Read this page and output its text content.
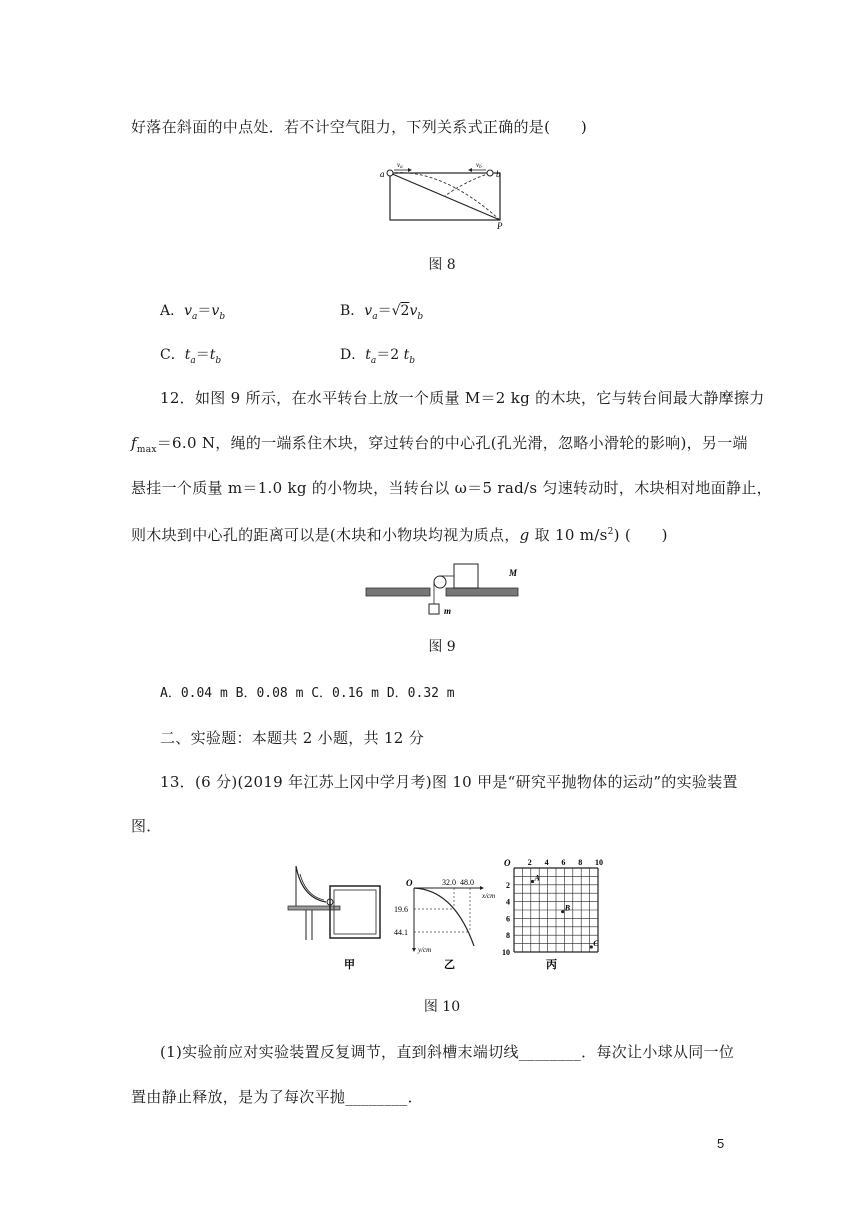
好落在斜面的中点处．若不计空气阻力，下列关系式正确的是(　　)
a	b
P
va	vb
图 8
A．$v_a=v_b$	B．$v_a=√2v_b$
C．$t_a=t_b$	D．$t_a=2$ $t_b$
12．如图 9 所示，在水平转台上放一个质量 M＝2 kg 的木块，它与转台间最大静摩擦力
$f_{max}=6.0$ N，绳的一端系住木块，穿过转台的中心孔(孔光滑，忽略小滑轮的影响)，另一端
悬挂一个质量 m＝1.0 kg 的小物块，当转台以 ω＝5 rad/s 匀速转动时，木块相对地面静止，
则木块到中心孔的距离可以是(木块和小物块均视为质点，g 取 10 $m/s^2$) (　　)
M
m
图 9
A．0.04 m B．0.08 m C．0.16 m D．0.32 m
二、实验题：本题共 2 小题，共 12 分
13．(6 分)(2019 年江苏上冈中学月考)图 10 甲是“研究平抛物体的运动”的实验装置
图．
甲
O	32.0 48.0
x/cm
19.6
44.1
y/cm
乙
O 2 4 6 8 10
2
4
6
8
10
A
B
C
丙
图 10
(1)实验前应对实验装置反复调节，直到斜槽末端切线________．每次让小球从同一位
置由静止释放，是为了每次平抛________．
5
